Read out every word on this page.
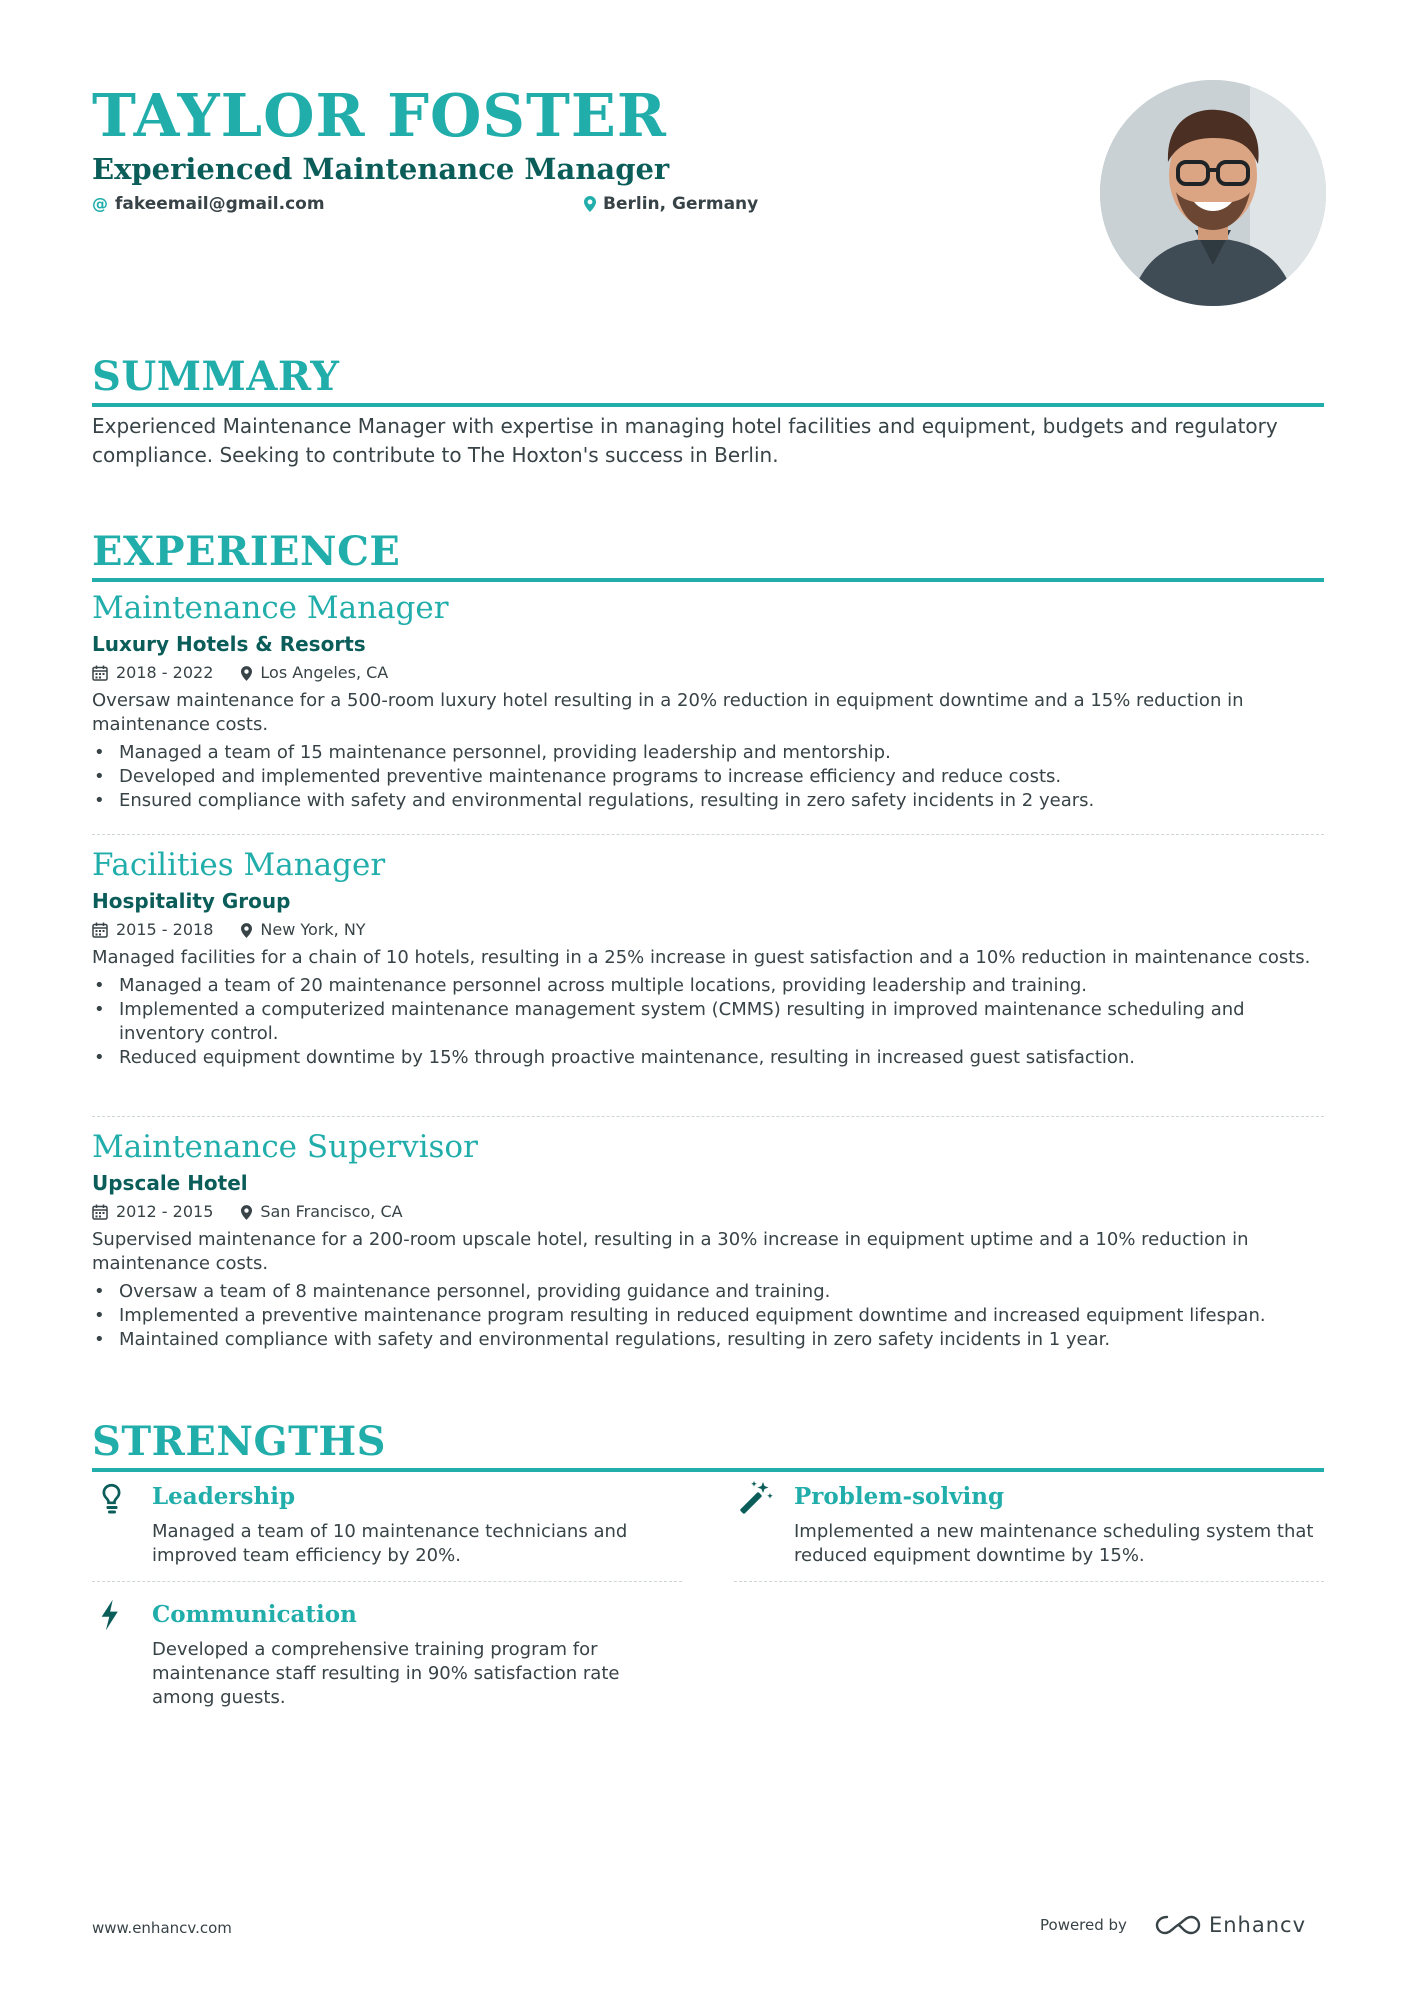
TAYLOR FOSTER
Experienced Maintenance Manager
@ fakeemail@gmail.com	Berlin, Germany
SUMMARY

Experienced Maintenance Manager with expertise in managing hotel facilities and equipment, budgets and regulatory compliance. Seeking to contribute to The Hoxton's success in Berlin.

EXPERIENCE

Maintenance Manager

Luxury Hotels & Resorts

2018 - 2022	Los Angeles, CA

Oversaw maintenance for a 500-room luxury hotel resulting in a 20% reduction in equipment downtime and a 15% reduction in maintenance costs.

• Managed a team of 15 maintenance personnel, providing leadership and mentorship.
• Developed and implemented preventive maintenance programs to increase efficiency and reduce costs.
• Ensured compliance with safety and environmental regulations, resulting in zero safety incidents in 2 years.

Facilities Manager

Hospitality Group

2015 - 2018	New York, NY

Managed facilities for a chain of 10 hotels, resulting in a 25% increase in guest satisfaction and a 10% reduction in maintenance costs.

• Managed a team of 20 maintenance personnel across multiple locations, providing leadership and training.
• Implemented a computerized maintenance management system (CMMS) resulting in improved maintenance scheduling and inventory control.
• Reduced equipment downtime by 15% through proactive maintenance, resulting in increased guest satisfaction.

Maintenance Supervisor

Upscale Hotel

2012 - 2015	San Francisco, CA

Supervised maintenance for a 200-room upscale hotel, resulting in a 30% increase in equipment uptime and a 10% reduction in maintenance costs.

• Oversaw a team of 8 maintenance personnel, providing guidance and training.
• Implemented a preventive maintenance program resulting in reduced equipment downtime and increased equipment lifespan.
• Maintained compliance with safety and environmental regulations, resulting in zero safety incidents in 1 year.
STRENGTHS
Leadership
Managed a team of 10 maintenance technicians and improved team efficiency by 20%.
Problem-solving
Implemented a new maintenance scheduling system that reduced equipment downtime by 15%.
Communication
Developed a comprehensive training program for maintenance staff resulting in 90% satisfaction rate among guests.
www.enhancv.com	Powered by	Enhancv
